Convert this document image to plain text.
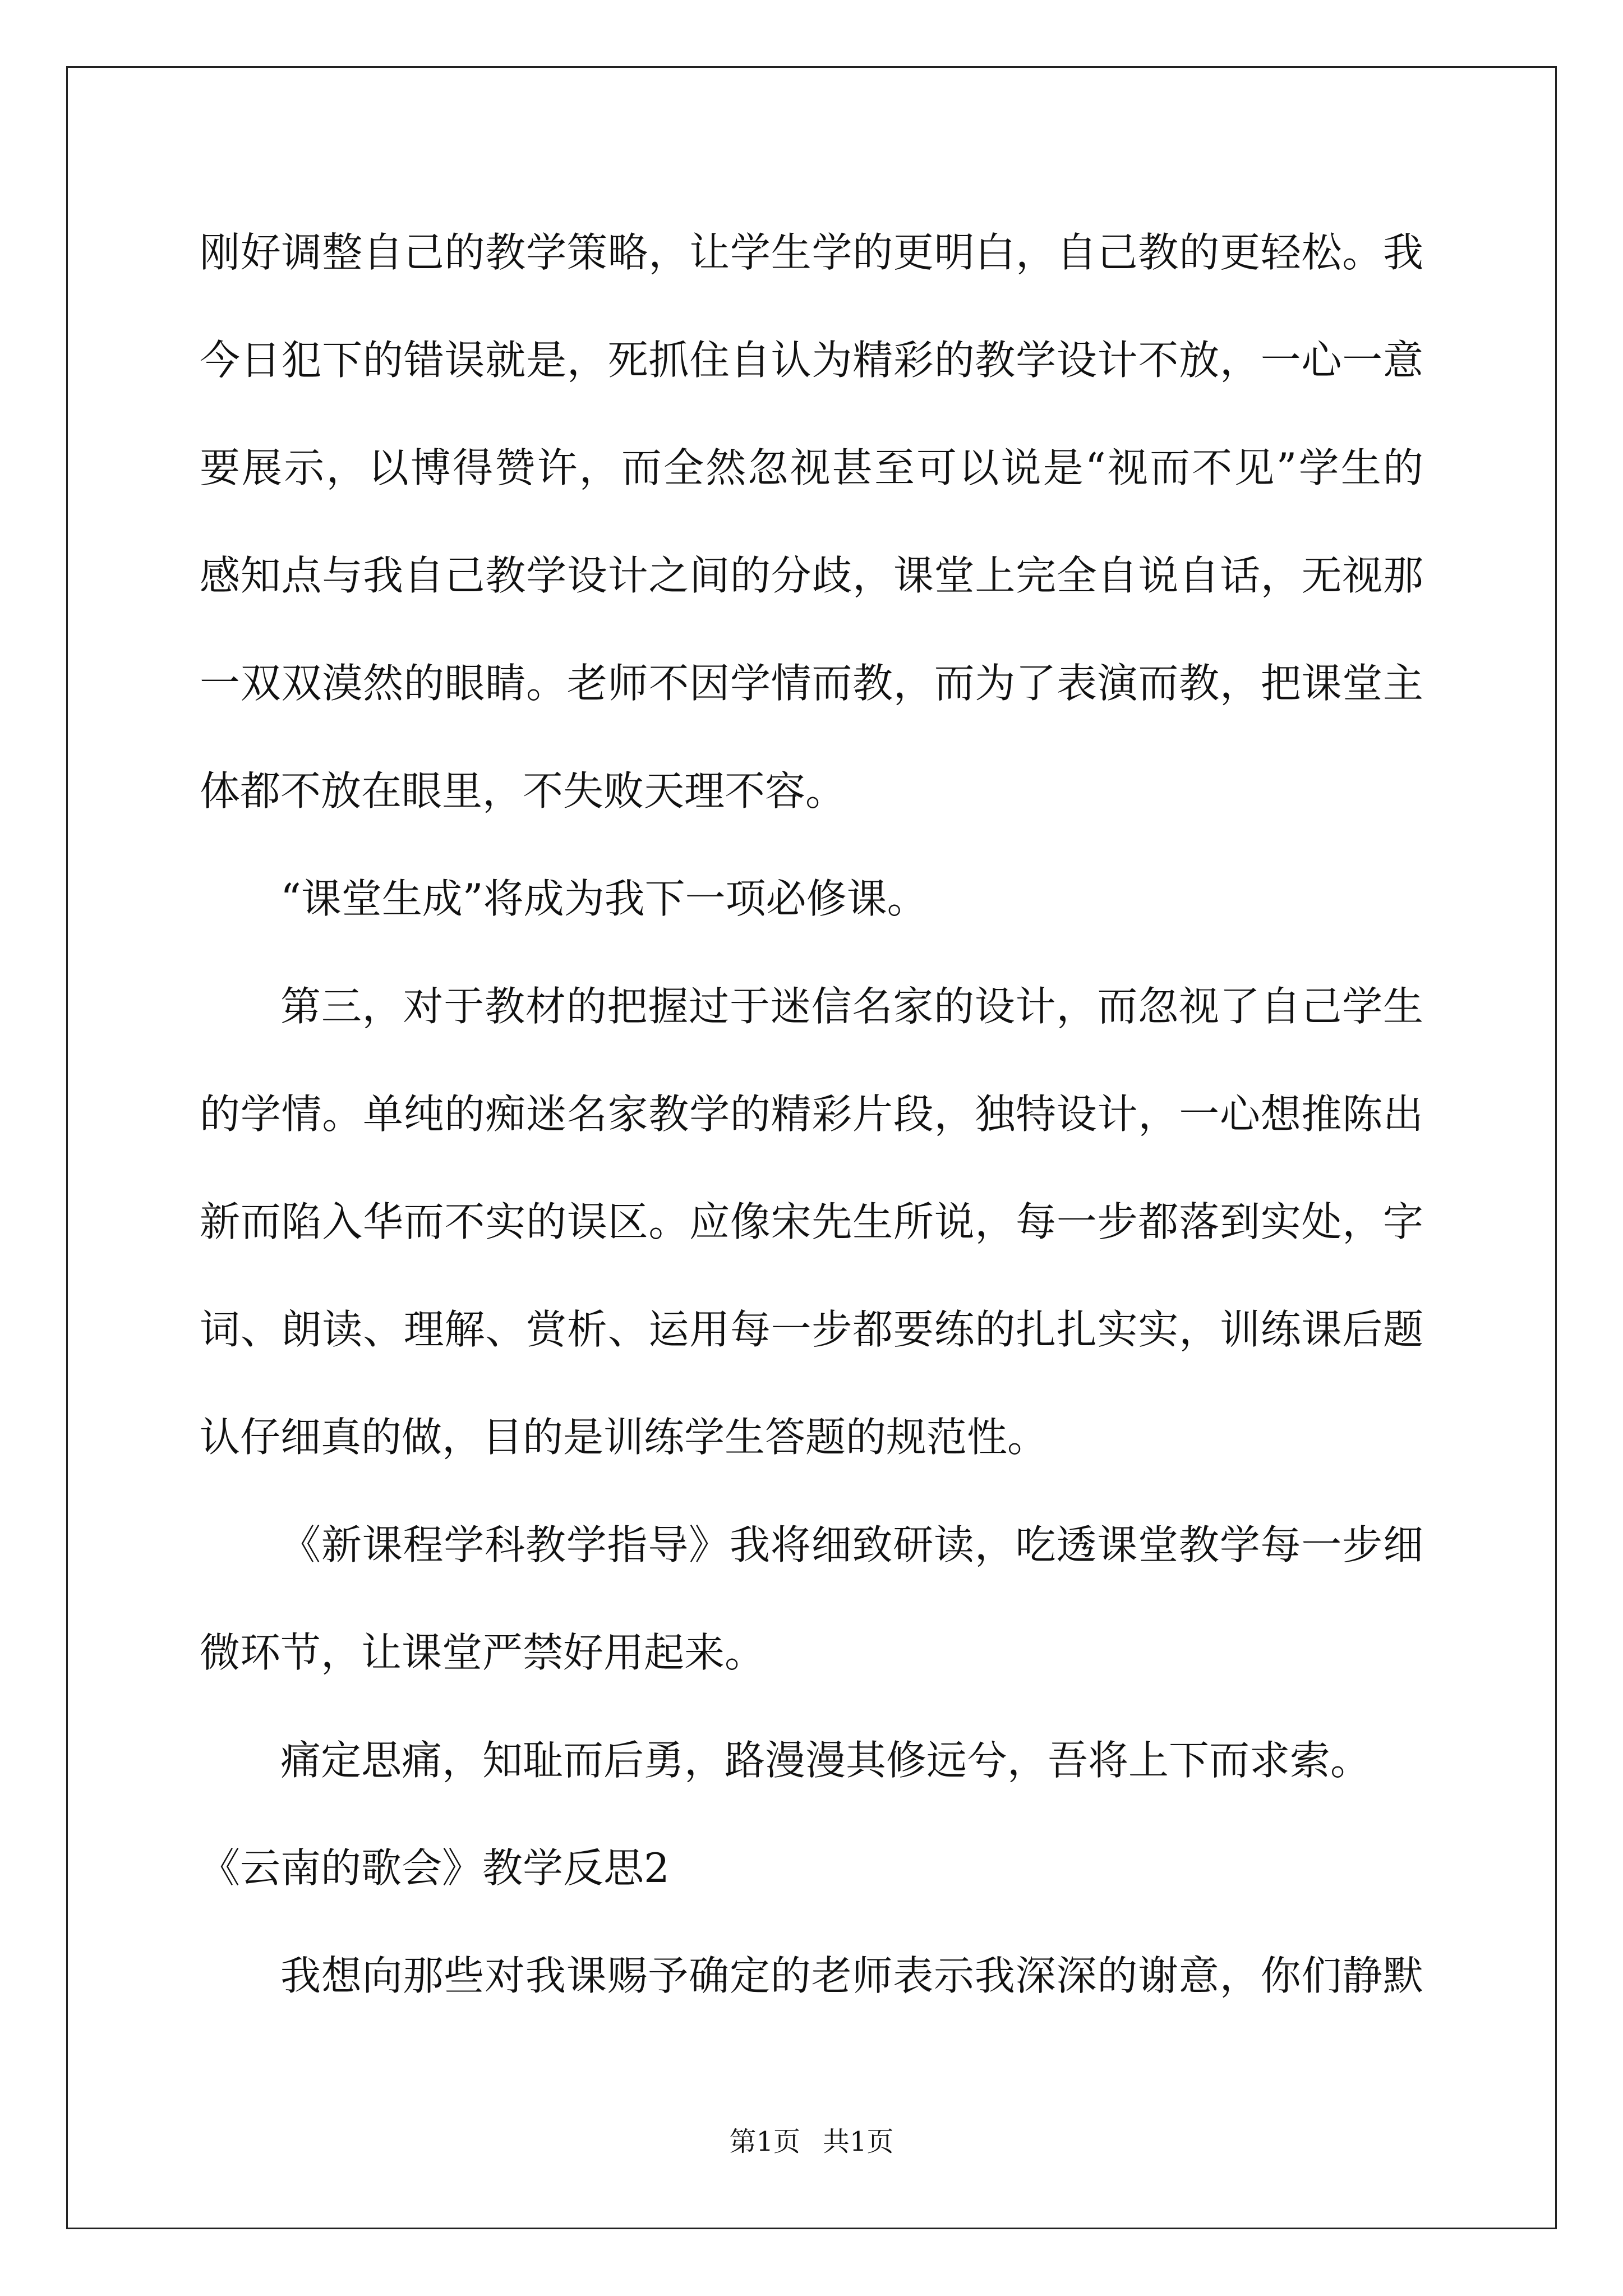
刚好调整自己的教学策略，让学生学的更明白，自己教的更轻松。我
今日犯下的错误就是，死抓住自认为精彩的教学设计不放，一心一意
要展示，以博得赞许，而全然忽视甚至可以说是“视而不见”学生的
感知点与我自己教学设计之间的分歧，课堂上完全自说自话，无视那
一双双漠然的眼睛。老师不因学情而教，而为了表演而教，把课堂主
体都不放在眼里，不失败天理不容。
“课堂生成”将成为我下一项必修课。
第三，对于教材的把握过于迷信名家的设计，而忽视了自己学生
的学情。单纯的痴迷名家教学的精彩片段，独特设计，一心想推陈出
新而陷入华而不实的误区。应像宋先生所说，每一步都落到实处，字
词、朗读、理解、赏析、运用每一步都要练的扎扎实实，训练课后题
认仔细真的做，目的是训练学生答题的规范性。
《新课程学科教学指导》我将细致研读，吃透课堂教学每一步细
微环节，让课堂严禁好用起来。
痛定思痛，知耻而后勇，路漫漫其修远兮，吾将上下而求索。
《云南的歌会》教学反思2
我想向那些对我课赐予确定的老师表示我深深的谢意，你们静默
第1页 共1页
